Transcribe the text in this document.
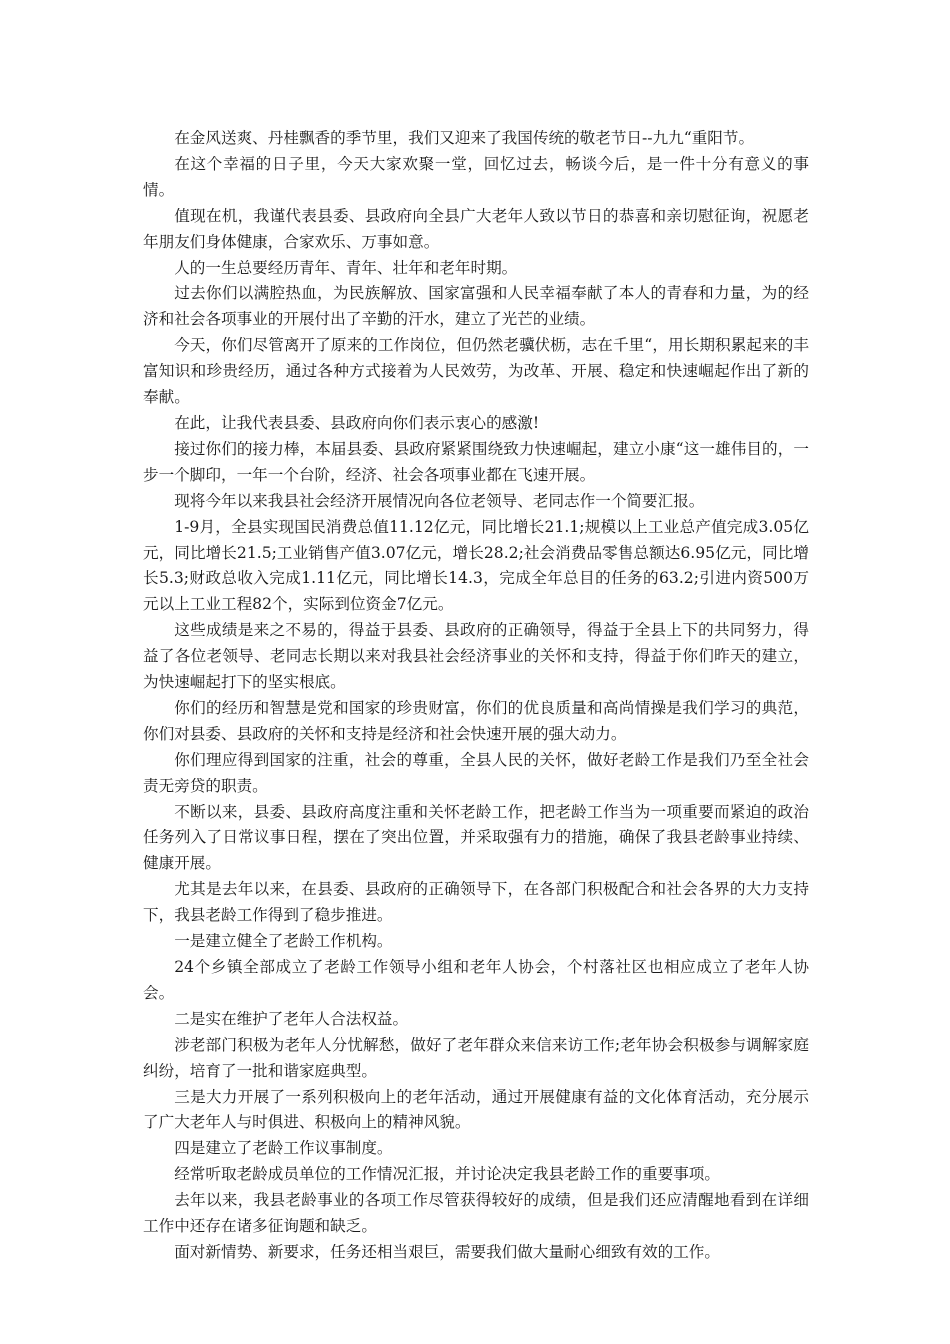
在金风送爽、丹桂飘香的季节里，我们又迎来了我国传统的敬老节日--九九“重阳节。

在这个幸福的日子里，今天大家欢聚一堂，回忆过去，畅谈今后，是一件十分有意义的事情。

值现在机，我谨代表县委、县政府向全县广大老年人致以节日的恭喜和亲切慰征询，祝愿老年朋友们身体健康，合家欢乐、万事如意。

人的一生总要经历青年、青年、壮年和老年时期。

过去你们以满腔热血，为民族解放、国家富强和人民幸福奉献了本人的青春和力量，为的经济和社会各项事业的开展付出了辛勤的汗水，建立了光芒的业绩。

今天，你们尽管离开了原来的工作岗位，但仍然老骥伏枥，志在千里“，用长期积累起来的丰富知识和珍贵经历，通过各种方式接着为人民效劳，为改革、开展、稳定和快速崛起作出了新的奉献。

在此，让我代表县委、县政府向你们表示衷心的感激!

接过你们的接力棒，本届县委、县政府紧紧围绕致力快速崛起，建立小康“这一雄伟目的，一步一个脚印，一年一个台阶，经济、社会各项事业都在飞速开展。

现将今年以来我县社会经济开展情况向各位老领导、老同志作一个简要汇报。

1-9月，全县实现国民消费总值11.12亿元，同比增长21.1;规模以上工业总产值完成3.05亿元，同比增长21.5;工业销售产值3.07亿元，增长28.2;社会消费品零售总额达6.95亿元，同比增长5.3;财政总收入完成1.11亿元，同比增长14.3，完成全年总目的任务的63.2;引进内资500万元以上工业工程82个，实际到位资金7亿元。

这些成绩是来之不易的，得益于县委、县政府的正确领导，得益于全县上下的共同努力，得益了各位老领导、老同志长期以来对我县社会经济事业的关怀和支持，得益于你们昨天的建立，为快速崛起打下的坚实根底。

你们的经历和智慧是党和国家的珍贵财富，你们的优良质量和高尚情操是我们学习的典范，你们对县委、县政府的关怀和支持是经济和社会快速开展的强大动力。

你们理应得到国家的注重，社会的尊重，全县人民的关怀，做好老龄工作是我们乃至全社会责无旁贷的职责。

不断以来，县委、县政府高度注重和关怀老龄工作，把老龄工作当为一项重要而紧迫的政治任务列入了日常议事日程，摆在了突出位置，并采取强有力的措施，确保了我县老龄事业持续、健康开展。

尤其是去年以来，在县委、县政府的正确领导下，在各部门积极配合和社会各界的大力支持下，我县老龄工作得到了稳步推进。

一是建立健全了老龄工作机构。

24个乡镇全部成立了老龄工作领导小组和老年人协会，个村落社区也相应成立了老年人协会。

二是实在维护了老年人合法权益。

涉老部门积极为老年人分忧解愁，做好了老年群众来信来访工作;老年协会积极参与调解家庭纠纷，培育了一批和谐家庭典型。

三是大力开展了一系列积极向上的老年活动，通过开展健康有益的文化体育活动，充分展示了广大老年人与时俱进、积极向上的精神风貌。

四是建立了老龄工作议事制度。

经常听取老龄成员单位的工作情况汇报，并讨论决定我县老龄工作的重要事项。

去年以来，我县老龄事业的各项工作尽管获得较好的成绩，但是我们还应清醒地看到在详细工作中还存在诸多征询题和缺乏。

面对新情势、新要求，任务还相当艰巨，需要我们做大量耐心细致有效的工作。
